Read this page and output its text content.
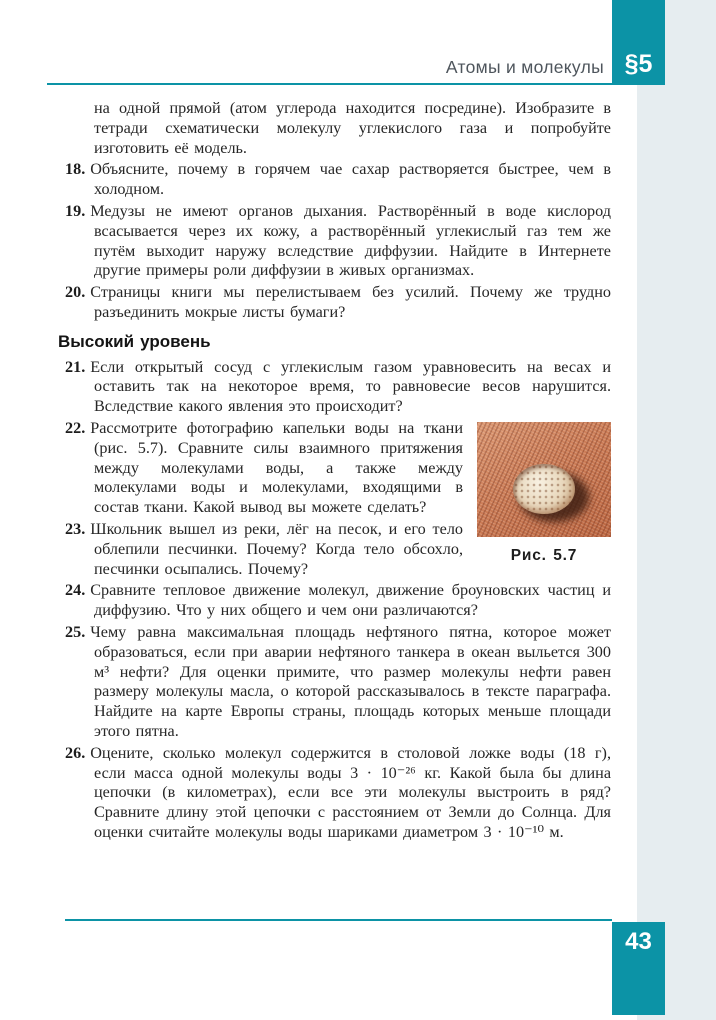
Атомы и молекулы §5

на одной прямой (атом углерода находится посредине). Изобразите в тетради схематически молекулу углекислого газа и попробуйте изготовить её модель.

18. Объясните, почему в горячем чае сахар растворяется быстрее, чем в холодном.
19. Медузы не имеют органов дыхания. Растворённый в воде кислород всасывается через их кожу, а растворённый углекислый газ тем же путём выходит наружу вследствие диффузии. Найдите в Интернете другие примеры роли диффузии в живых организмах.
20. Страницы книги мы перелистываем без усилий. Почему же трудно разъединить мокрые листы бумаги?
Высокий уровень
21. Если открытый сосуд с углекислым газом уравновесить на весах и оставить так на некоторое время, то равновесие весов нарушится. Вследствие какого явления это происходит?
Рис. 5.7
22. Рассмотрите фотографию капельки воды на ткани (рис. 5.7). Сравните силы взаимного притяжения между молекулами воды, а также между молекулами воды и молекулами, входящими в состав ткани. Какой вывод вы можете сделать?
23. Школьник вышел из реки, лёг на песок, и его тело облепили песчинки. Почему? Когда тело обсохло, песчинки осыпались. Почему?
24. Сравните тепловое движение молекул, движение броуновских частиц и диффузию. Что у них общего и чем они различаются?
25. Чему равна максимальная площадь нефтяного пятна, которое может образоваться, если при аварии нефтяного танкера в океан выльется 300 м³ нефти? Для оценки примите, что размер молекулы нефти равен размеру молекулы масла, о которой рассказывалось в тексте параграфа. Найдите на карте Европы страны, площадь которых меньше площади этого пятна.
26. Оцените, сколько молекул содержится в столовой ложке воды (18 г), если масса одной молекулы воды 3 · 10⁻²⁶ кг. Какой была бы длина цепочки (в километрах), если все эти молекулы выстроить в ряд? Сравните длину этой цепочки с расстоянием от Земли до Солнца. Для оценки считайте молекулы воды шариками диаметром 3 · 10⁻¹⁰ м.
43
